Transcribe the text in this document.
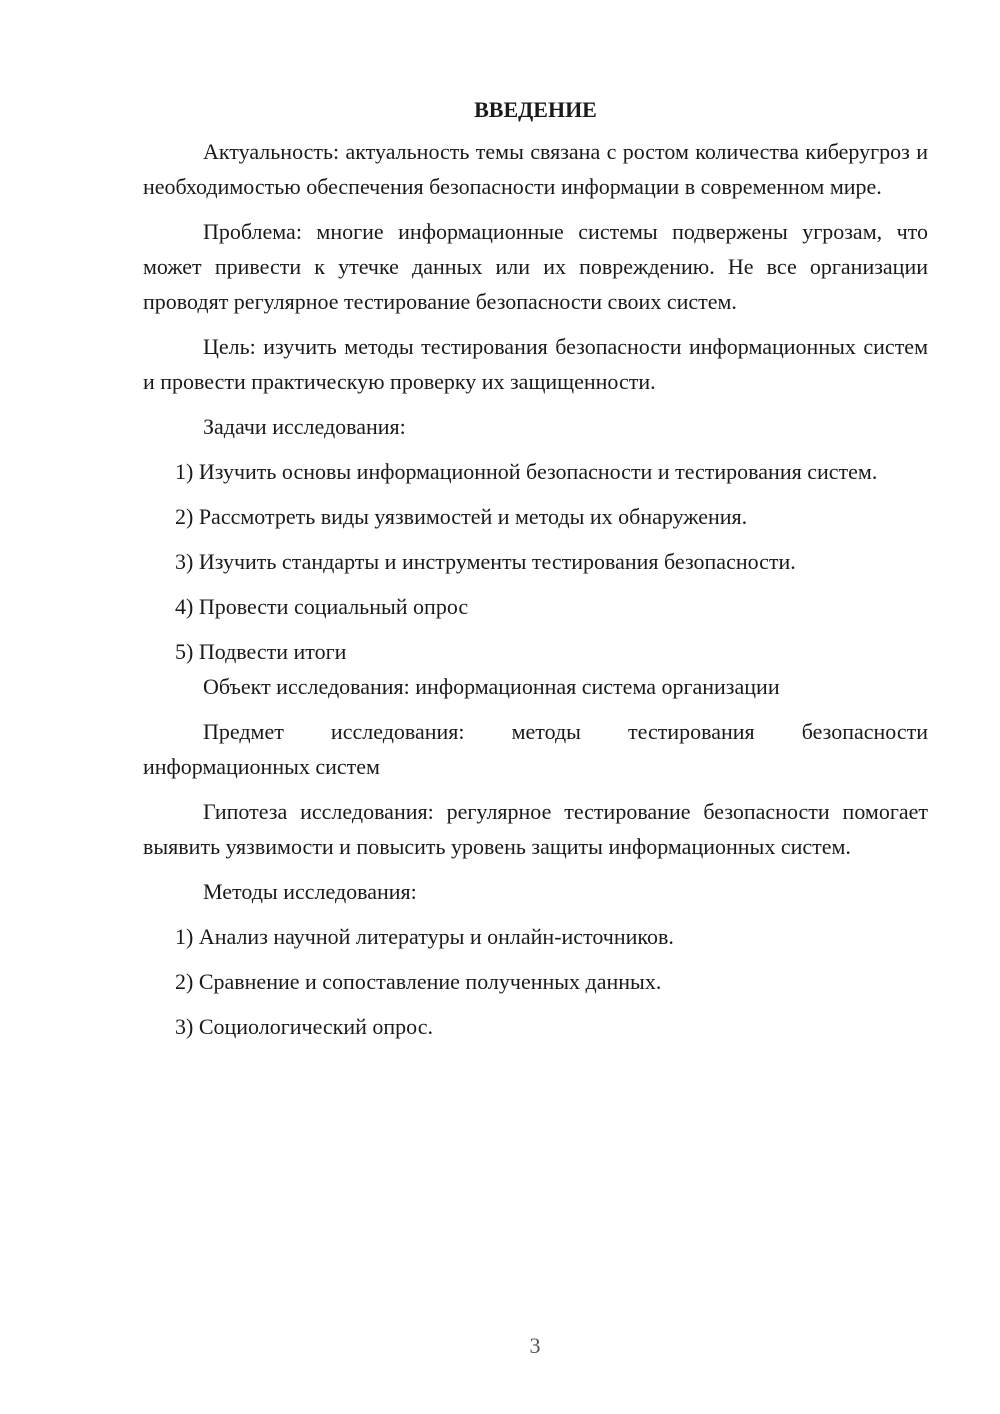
ВВЕДЕНИЕ
Актуальность: актуальность темы связана с ростом количества киберугроз и необходимостью обеспечения безопасности информации в современном мире.
Проблема: многие информационные системы подвержены угрозам, что может привести к утечке данных или их повреждению. Не все организации проводят регулярное тестирование безопасности своих систем.
Цель: изучить методы тестирования безопасности информационных систем и провести практическую проверку их защищенности.
Задачи исследования:
1) Изучить основы информационной безопасности и тестирования систем.
2) Рассмотреть виды уязвимостей и методы их обнаружения.
3) Изучить стандарты и инструменты тестирования безопасности.
4) Провести социальный опрос
5) Подвести итоги
Объект исследования: информационная система организации
Предмет исследования: методы тестирования безопасности информационных систем
Гипотеза исследования: регулярное тестирование безопасности помогает выявить уязвимости и повысить уровень защиты информационных систем.
Методы исследования:
1) Анализ научной литературы и онлайн-источников.
2) Сравнение и сопоставление полученных данных.
3) Социологический опрос.
3
